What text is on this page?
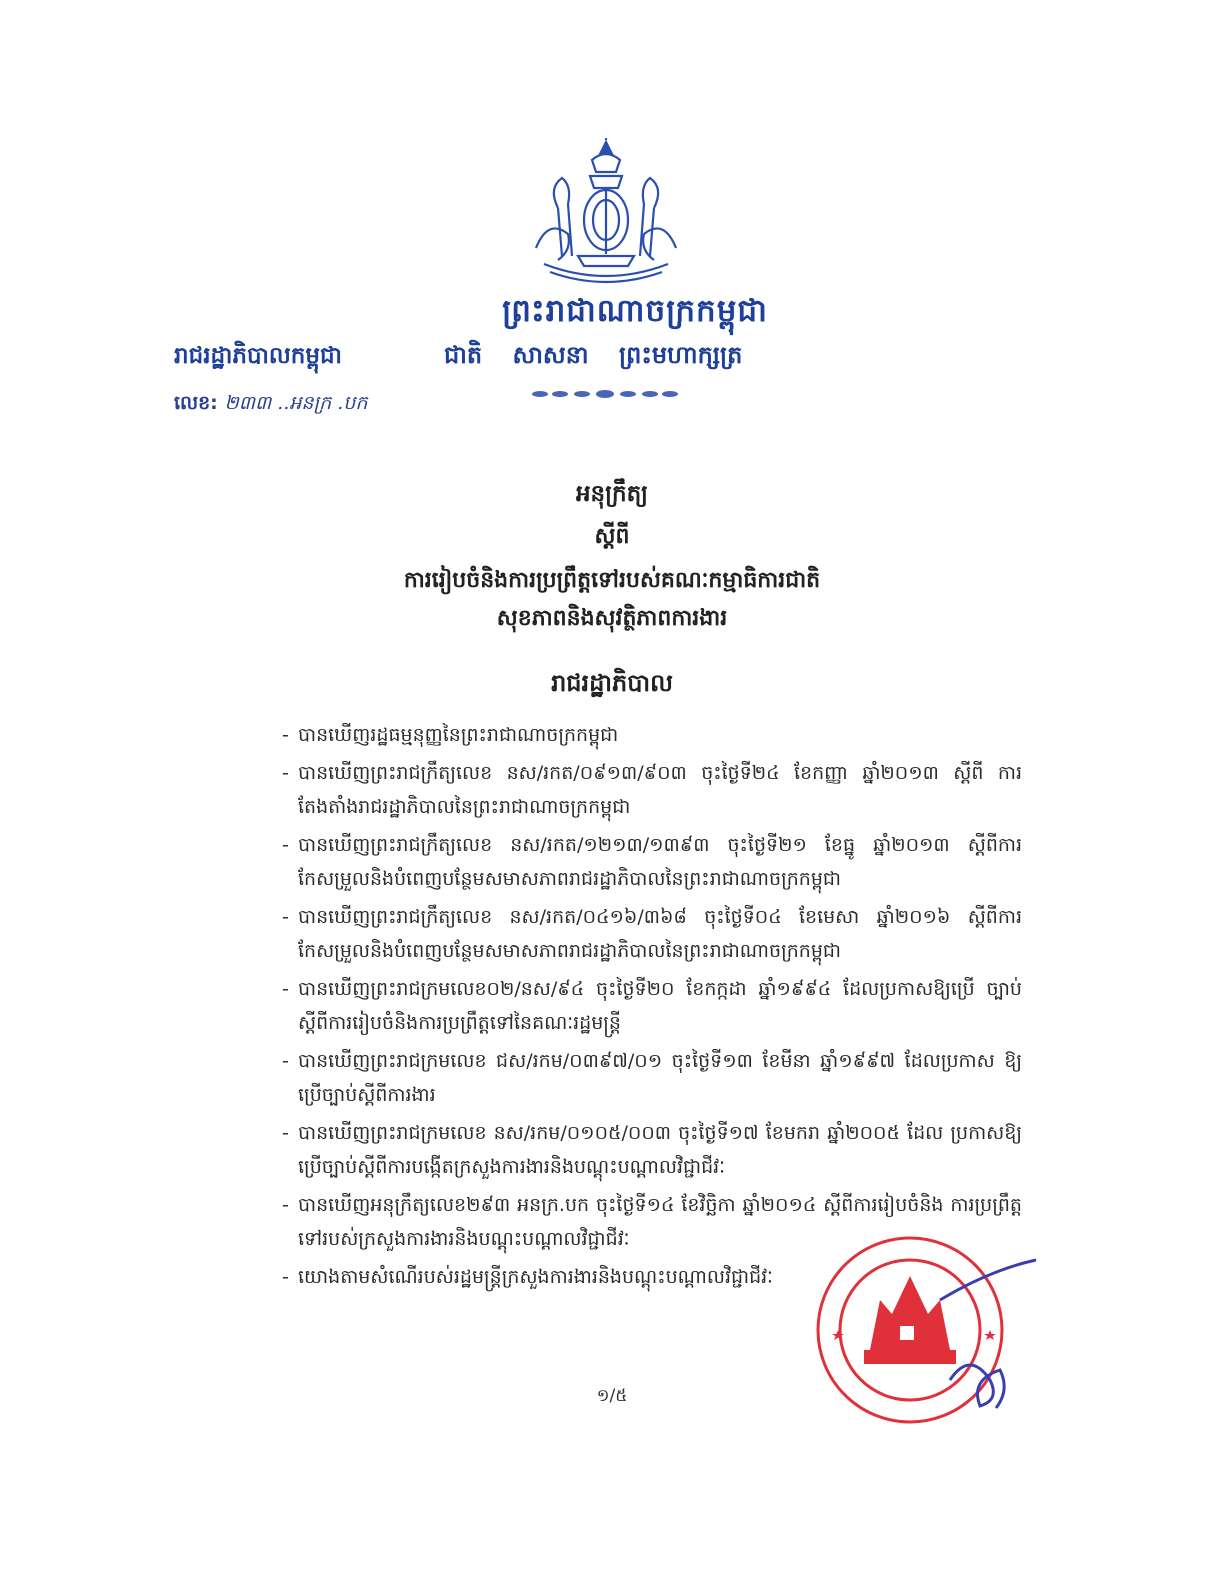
ព្រះរាជាណាចក្រកម្ពុជា
រាជរដ្ឋាភិបាលកម្ពុជា	ជាតិ សាសនា ព្រះមហាក្សត្រ
លេខ: ២៣៣ ..អនក្រ .បក
អនុក្រឹត្យ
ស្ដីពី
ការរៀបចំនិងការប្រព្រឹត្តទៅរបស់គណៈកម្មាធិការជាតិ
សុខភាពនិងសុវត្ថិភាពការងារ
រាជរដ្ឋាភិបាល
- បានឃើញរដ្ឋធម្មនុញ្ញនៃព្រះរាជាណាចក្រកម្ពុជា
- បានឃើញព្រះរាជក្រឹត្យលេខ នស/រកត/០៩១៣/៩០៣ ចុះថ្ងៃទី២៤ ខែកញ្ញា ឆ្នាំ២០១៣ ស្ដីពី ការតែងតាំងរាជរដ្ឋាភិបាលនៃព្រះរាជាណាចក្រកម្ពុជា
- បានឃើញព្រះរាជក្រឹត្យលេខ នស/រកត/១២១៣/១៣៩៣ ចុះថ្ងៃទី២១ ខែធ្នូ ឆ្នាំ២០១៣ ស្ដីពីការ កែសម្រួលនិងបំពេញបន្ថែមសមាសភាពរាជរដ្ឋាភិបាលនៃព្រះរាជាណាចក្រកម្ពុជា
- បានឃើញព្រះរាជក្រឹត្យលេខ នស/រកត/០៤១៦/៣៦៨ ចុះថ្ងៃទី០៤ ខែមេសា ឆ្នាំ២០១៦ ស្ដីពីការ កែសម្រួលនិងបំពេញបន្ថែមសមាសភាពរាជរដ្ឋាភិបាលនៃព្រះរាជាណាចក្រកម្ពុជា
- បានឃើញព្រះរាជក្រមលេខ០២/នស/៩៤ ចុះថ្ងៃទី២០ ខែកក្កដា ឆ្នាំ១៩៩៤ ដែលប្រកាសឱ្យប្រើ ច្បាប់ស្ដីពីការរៀបចំនិងការប្រព្រឹត្តទៅនៃគណៈរដ្ឋមន្ត្រី
- បានឃើញព្រះរាជក្រមលេខ ជស/រកម/០៣៩៧/០១ ចុះថ្ងៃទី១៣ ខែមីនា ឆ្នាំ១៩៩៧ ដែលប្រកាស ឱ្យប្រើច្បាប់ស្ដីពីការងារ
- បានឃើញព្រះរាជក្រមលេខ នស/រកម/០១០៥/០០៣ ចុះថ្ងៃទី១៧ ខែមករា ឆ្នាំ២០០៥ ដែល ប្រកាសឱ្យប្រើច្បាប់ស្ដីពីការបង្កើតក្រសួងការងារនិងបណ្ដុះបណ្ដាលវិជ្ជាជីវៈ
- បានឃើញអនុក្រឹត្យលេខ២៩៣ អនក្រ.បក ចុះថ្ងៃទី១៤ ខែវិច្ឆិកា ឆ្នាំ២០១៤ ស្ដីពីការរៀបចំនិង ការប្រព្រឹត្តទៅរបស់ក្រសួងការងារនិងបណ្ដុះបណ្ដាលវិជ្ជាជីវៈ
- យោងតាមសំណើរបស់រដ្ឋមន្ត្រីក្រសួងការងារនិងបណ្ដុះបណ្ដាលវិជ្ជាជីវៈ
១/៥
